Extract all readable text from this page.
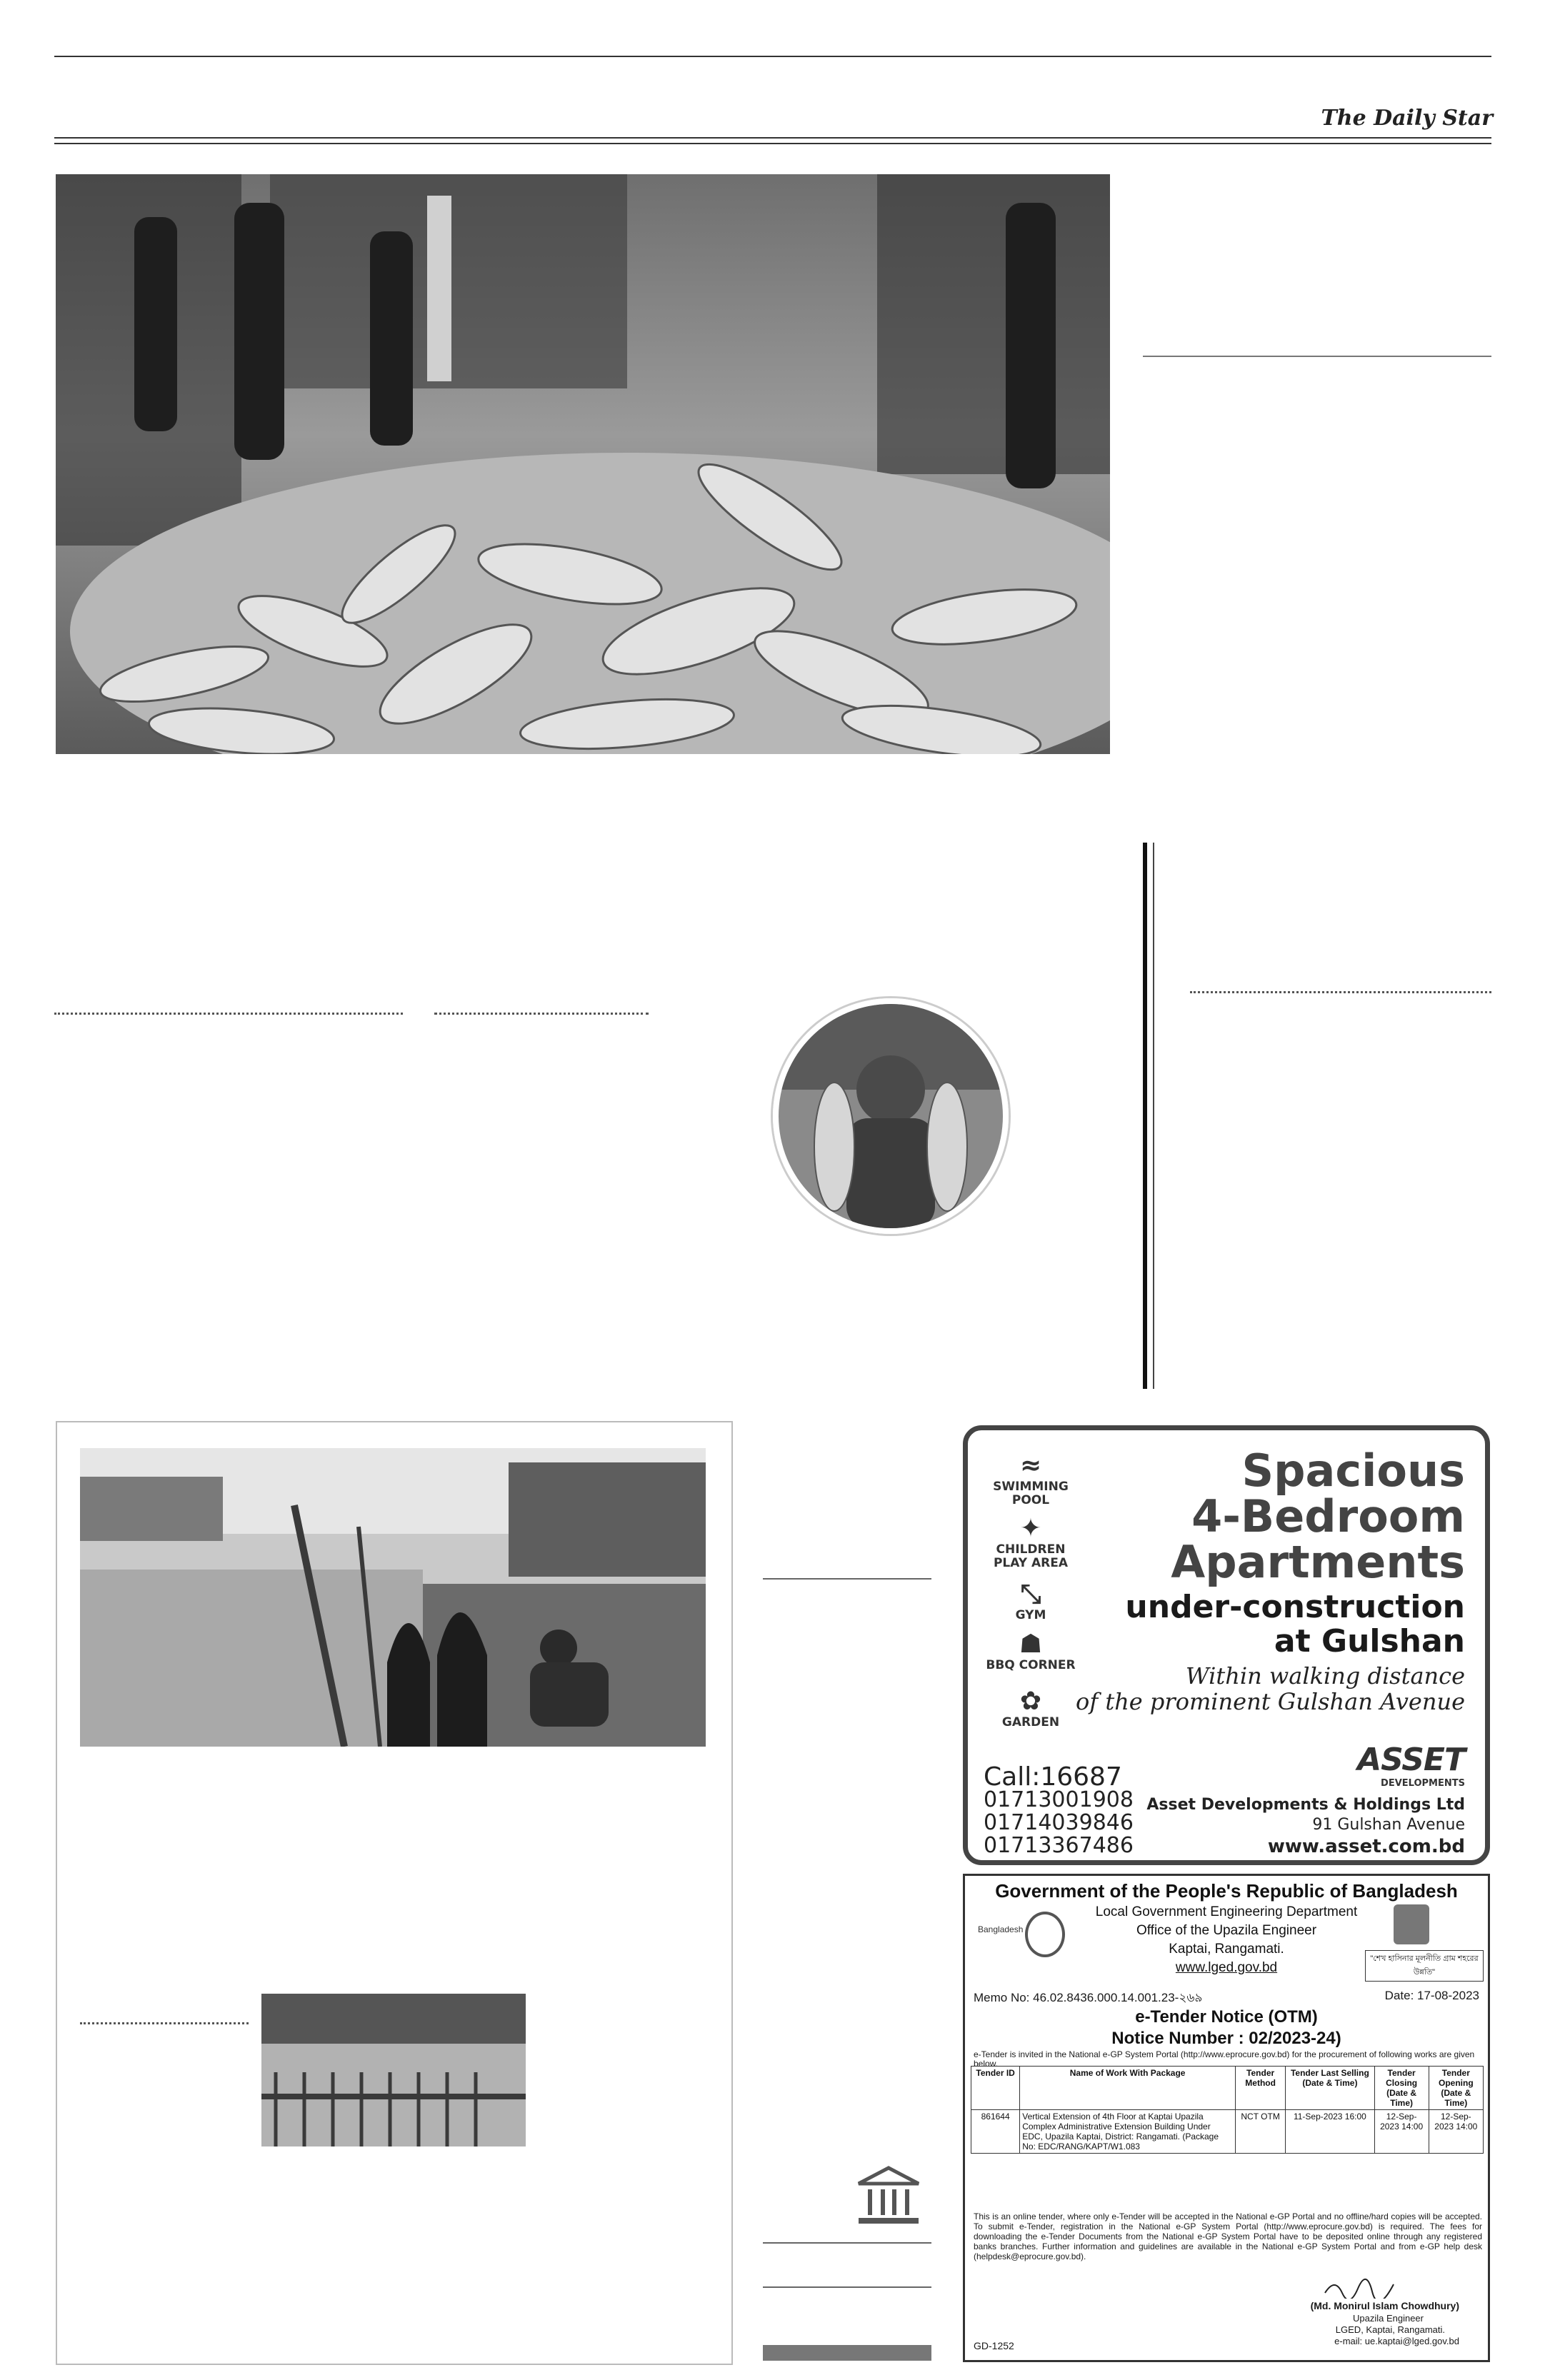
The Daily Star
≈
SWIMMING POOL
✦
CHILDREN PLAY AREA
⤡
GYM
☗
BBQ CORNER
✿
GARDEN
Spacious
4-Bedroom
Apartments
under-construction
at Gulshan
Within walking distance
of the prominent Gulshan Avenue
Call:16687
01713001908
01714039846
01713367486
ASSET
DEVELOPMENTS
Asset Developments & Holdings Ltd
91 Gulshan Avenue
www.asset.com.bd
Government of the People's Republic of Bangladesh
Local Government Engineering Department
Office of the Upazila Engineer
Kaptai, Rangamati.
www.lged.gov.bd
Bangladesh
"শেখ হাসিনার মূলনীতি গ্রাম শহরের উন্নতি"
Memo No: 46.02.8436.000.14.001.23-২৬৯	Date: 17-08-2023
e-Tender Notice (OTM)
Notice Number : 02/2023-24)
e-Tender is invited in the National e-GP System Portal (http://www.eprocure.gov.bd) for the procurement of following works are given below.
Tender ID	Name of Work With Package	Tender Method	Tender Last Selling (Date & Time)	Tender Closing (Date & Time)	Tender Opening (Date & Time)
861644	Vertical Extension of 4th Floor at Kaptai Upazila Complex Administrative Extension Building Under EDC, Upazila Kaptai, District: Rangamati. (Package No: EDC/RANG/KAPT/W1.083	NCT OTM	11-Sep-2023 16:00	12-Sep-2023 14:00	12-Sep-2023 14:00
This is an online tender, where only e-Tender will be accepted in the National e-GP Portal and no offline/hard copies will be accepted. To submit e-Tender, registration in the National e-GP System Portal (http://www.eprocure.gov.bd) is required. The fees for downloading the e-Tender Documents from the National e-GP System Portal have to be deposited online through any registered banks branches. Further information and guidelines are available in the National e-GP System Portal and from e-GP help desk (helpdesk@eprocure.gov.bd).
(Md. Monirul Islam Chowdhury)
Upazila Engineer
LGED, Kaptai, Rangamati.
e-mail: ue.kaptai@lged.gov.bd
GD-1252
